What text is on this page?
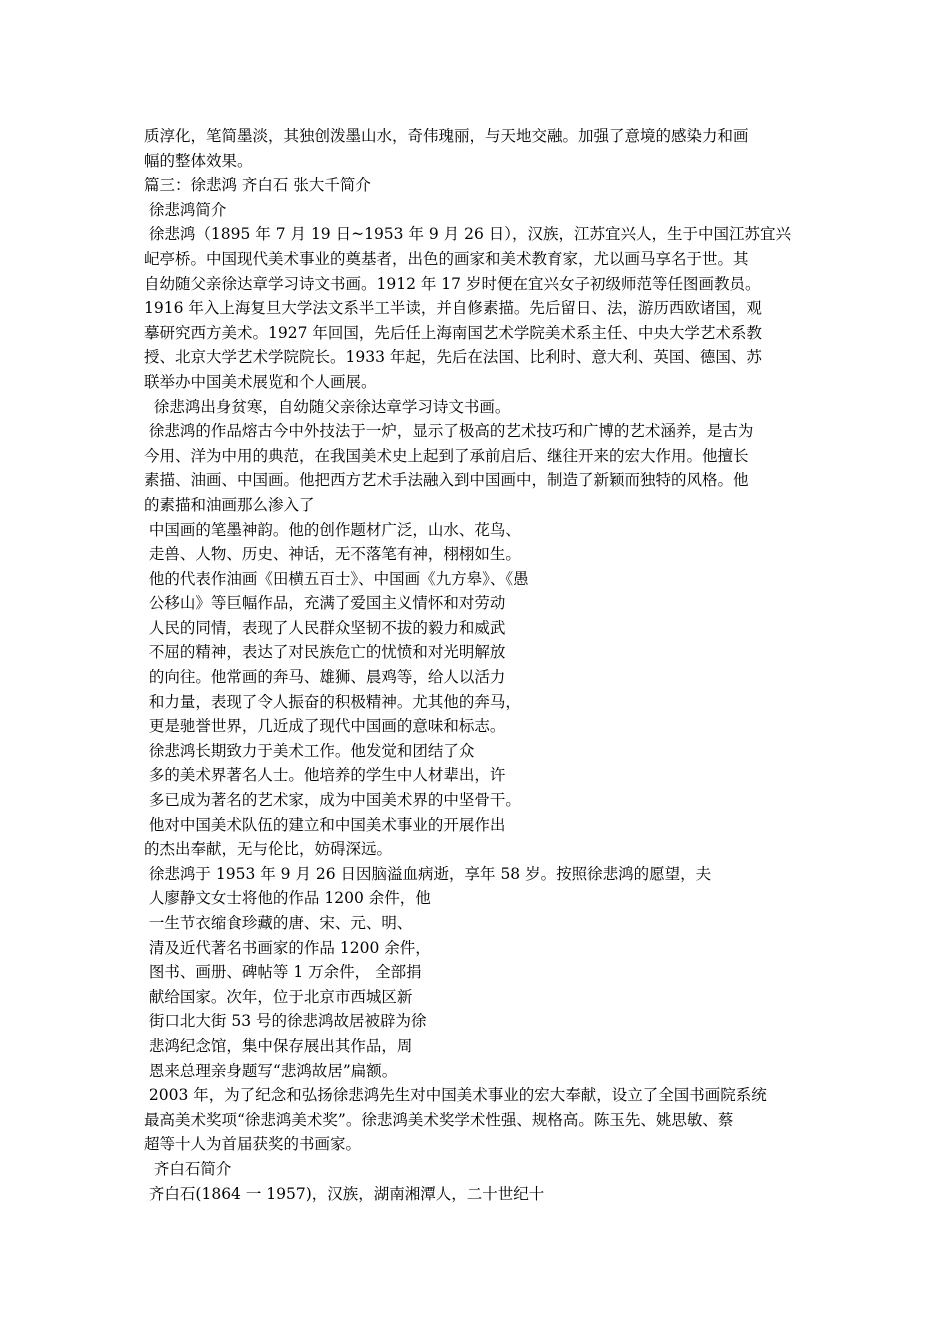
质淳化，笔简墨淡，其独创泼墨山水，奇伟瑰丽，与天地交融。加强了意境的感染力和画
幅的整体效果。
篇三：徐悲鸿 齐白石 张大千简介
徐悲鸿简介
徐悲鸿（1895 年 7 月 19 日~1953 年 9 月 26 日），汉族，江苏宜兴人，生于中国江苏宜兴
屺亭桥。中国现代美术事业的奠基者，出色的画家和美术教育家，尤以画马享名于世。其
自幼随父亲徐达章学习诗文书画。1912 年 17 岁时便在宜兴女子初级师范等任图画教员。
1916 年入上海复旦大学法文系半工半读，并自修素描。先后留日、法，游历西欧诸国，观
摹研究西方美术。1927 年回国，先后任上海南国艺术学院美术系主任、中央大学艺术系教
授、北京大学艺术学院院长。1933 年起，先后在法国、比利时、意大利、英国、德国、苏
联举办中国美术展览和个人画展。
徐悲鸿出身贫寒，自幼随父亲徐达章学习诗文书画。
徐悲鸿的作品熔古今中外技法于一炉，显示了极高的艺术技巧和广博的艺术涵养，是古为
今用、洋为中用的典范，在我国美术史上起到了承前启后、继往开来的宏大作用。他擅长
素描、油画、中国画。他把西方艺术手法融入到中国画中，制造了新颖而独特的风格。他
的素描和油画那么渗入了
中国画的笔墨神韵。他的创作题材广泛，山水、花鸟、
走兽、人物、历史、神话，无不落笔有神，栩栩如生。
他的代表作油画《田横五百士》、中国画《九方皋》、《愚
公移山》等巨幅作品，充满了爱国主义情怀和对劳动
人民的同情，表现了人民群众坚韧不拔的毅力和威武
不屈的精神，表达了对民族危亡的忧愤和对光明解放
的向往。他常画的奔马、雄狮、晨鸡等，给人以活力
和力量，表现了令人振奋的积极精神。尤其他的奔马，
更是驰誉世界，几近成了现代中国画的意味和标志。
徐悲鸿长期致力于美术工作。他发觉和团结了众
多的美术界著名人士。他培养的学生中人材辈出，许
多已成为著名的艺术家，成为中国美术界的中坚骨干。
他对中国美术队伍的建立和中国美术事业的开展作出
的杰出奉献，无与伦比，妨碍深远。
徐悲鸿于 1953 年 9 月 26 日因脑溢血病逝，享年 58 岁。按照徐悲鸿的愿望，夫
人廖静文女士将他的作品 1200 余件，他
一生节衣缩食珍藏的唐、宋、元、明、
清及近代著名书画家的作品 1200 余件，
图书、画册、碑帖等 1 万余件， 全部捐
献给国家。次年，位于北京市西城区新
街口北大街 53 号的徐悲鸿故居被辟为徐
悲鸿纪念馆，集中保存展出其作品，周
恩来总理亲身题写“悲鸿故居”扁额。
2003 年，为了纪念和弘扬徐悲鸿先生对中国美术事业的宏大奉献，设立了全国书画院系统
最高美术奖项“徐悲鸿美术奖”。徐悲鸿美术奖学术性强、规格高。陈玉先、姚思敏、蔡
超等十人为首届获奖的书画家。
齐白石简介
齐白石(1864 一 1957)，汉族，湖南湘潭人，二十世纪十
